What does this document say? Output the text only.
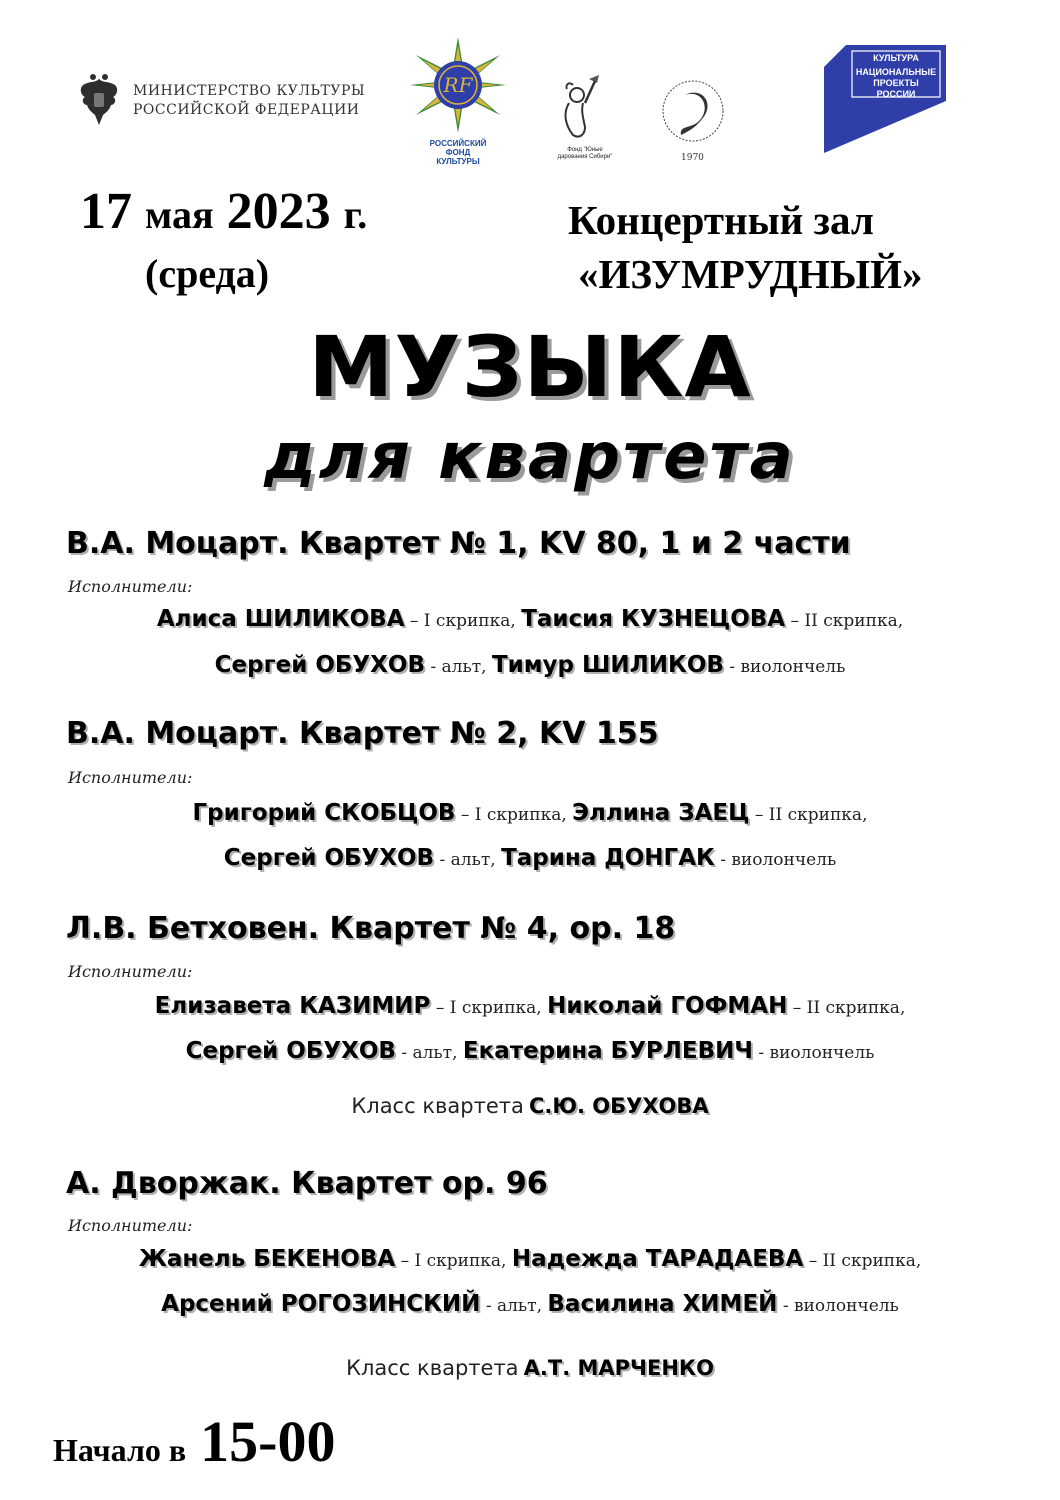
МИНИСТЕРСТВО КУЛЬТУРЫ
РОССИЙСКОЙ ФЕДЕРАЦИИ
RF
РОССИЙСКИЙ
ФОНД
КУЛЬТУРЫ
Фонд "Юные
дарования Сибири"	1970
КУЛЬТУРА
НАЦИОНАЛЬНЫЕ
ПРОЕКТЫ
РОССИИ
17 мая 2023 г.
(среда)
Концертный зал
«ИЗУМРУДНЫЙ»
МУЗЫКА
для квартета
В.А. Моцарт. Квартет № 1, KV 80, 1 и 2 части
Исполнители:
Алиса ШИЛИКОВА – I скрипка, Таисия КУЗНЕЦОВА – II скрипка,
Сергей ОБУХОВ - альт, Тимур ШИЛИКОВ - виолончель
В.А. Моцарт. Квартет № 2, KV 155
Исполнители:
Григорий СКОБЦОВ – I скрипка, Эллина ЗАЕЦ – II скрипка,
Сергей ОБУХОВ - альт, Тарина ДОНГАК - виолончель
Л.В. Бетховен. Квартет № 4, ор. 18
Исполнители:
Елизавета КАЗИМИР – I скрипка, Николай ГОФМАН – II скрипка,
Сергей ОБУХОВ - альт, Екатерина БУРЛЕВИЧ - виолончель
Класс квартета С.Ю. ОБУХОВА
А. Дворжак. Квартет ор. 96
Исполнители:
Жанель БЕКЕНОВА – I скрипка, Надежда ТАРАДАЕВА – II скрипка,
Арсений РОГОЗИНСКИЙ - альт, Василина ХИМЕЙ - виолончель
Класс квартета А.Т. МАРЧЕНКО
Начало в 15-00
